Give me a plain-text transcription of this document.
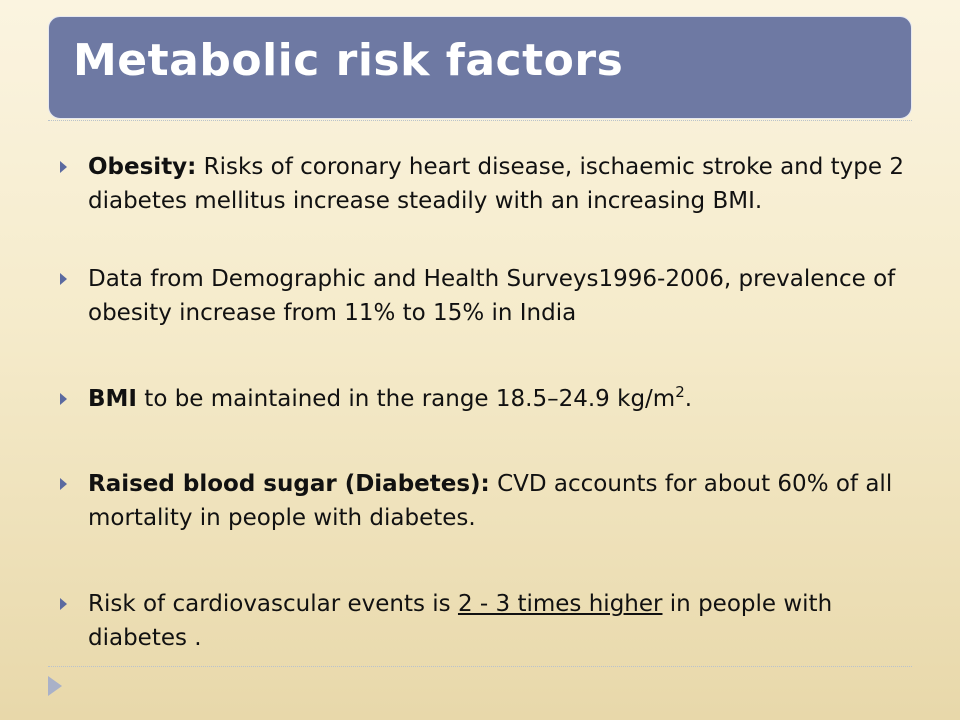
Metabolic risk factors
Obesity: Risks of coronary heart disease, ischaemic stroke and type 2 diabetes mellitus increase steadily with an increasing BMI.
Data from Demographic and Health Surveys1996-2006, prevalence of obesity increase from 11% to 15% in India
BMI to be maintained in the range 18.5–24.9 $kg/m^2$.
Raised blood sugar (Diabetes): CVD accounts for about 60% of all mortality in people with diabetes.
Risk of cardiovascular events is 2 - 3 times higher in people with diabetes .
